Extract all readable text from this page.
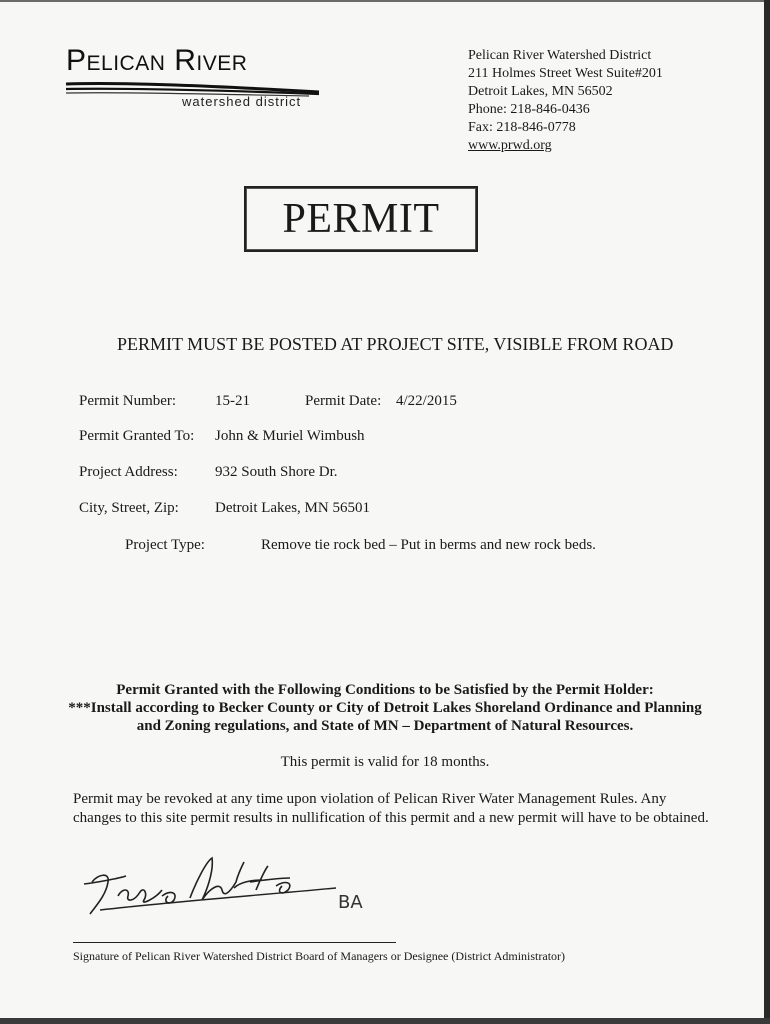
Pelican River
watershed district
Pelican River Watershed District
211 Holmes Street West Suite#201
Detroit Lakes, MN 56502
Phone: 218-846-0436
Fax: 218-846-0778
www.prwd.org
PERMIT
PERMIT MUST BE POSTED AT PROJECT SITE, VISIBLE FROM ROAD
Permit Number:	15-21	Permit Date: 4/22/2015
Permit Granted To: John & Muriel Wimbush
Project Address: 932 South Shore Dr.
City, Street, Zip: Detroit Lakes, MN 56501
Project Type:	Remove tie rock bed – Put in berms and new rock beds.
Permit Granted with the Following Conditions to be Satisfied by the Permit Holder:
***Install according to Becker County or City of Detroit Lakes Shoreland Ordinance and Planning
and Zoning regulations, and State of MN – Department of Natural Resources.
This permit is valid for 18 months.
Permit may be revoked at any time upon violation of Pelican River Water Management Rules. Any changes to this site permit results in nullification of this permit and a new permit will have to be obtained.
BA
Signature of Pelican River Watershed District Board of Managers or Designee (District Administrator)
